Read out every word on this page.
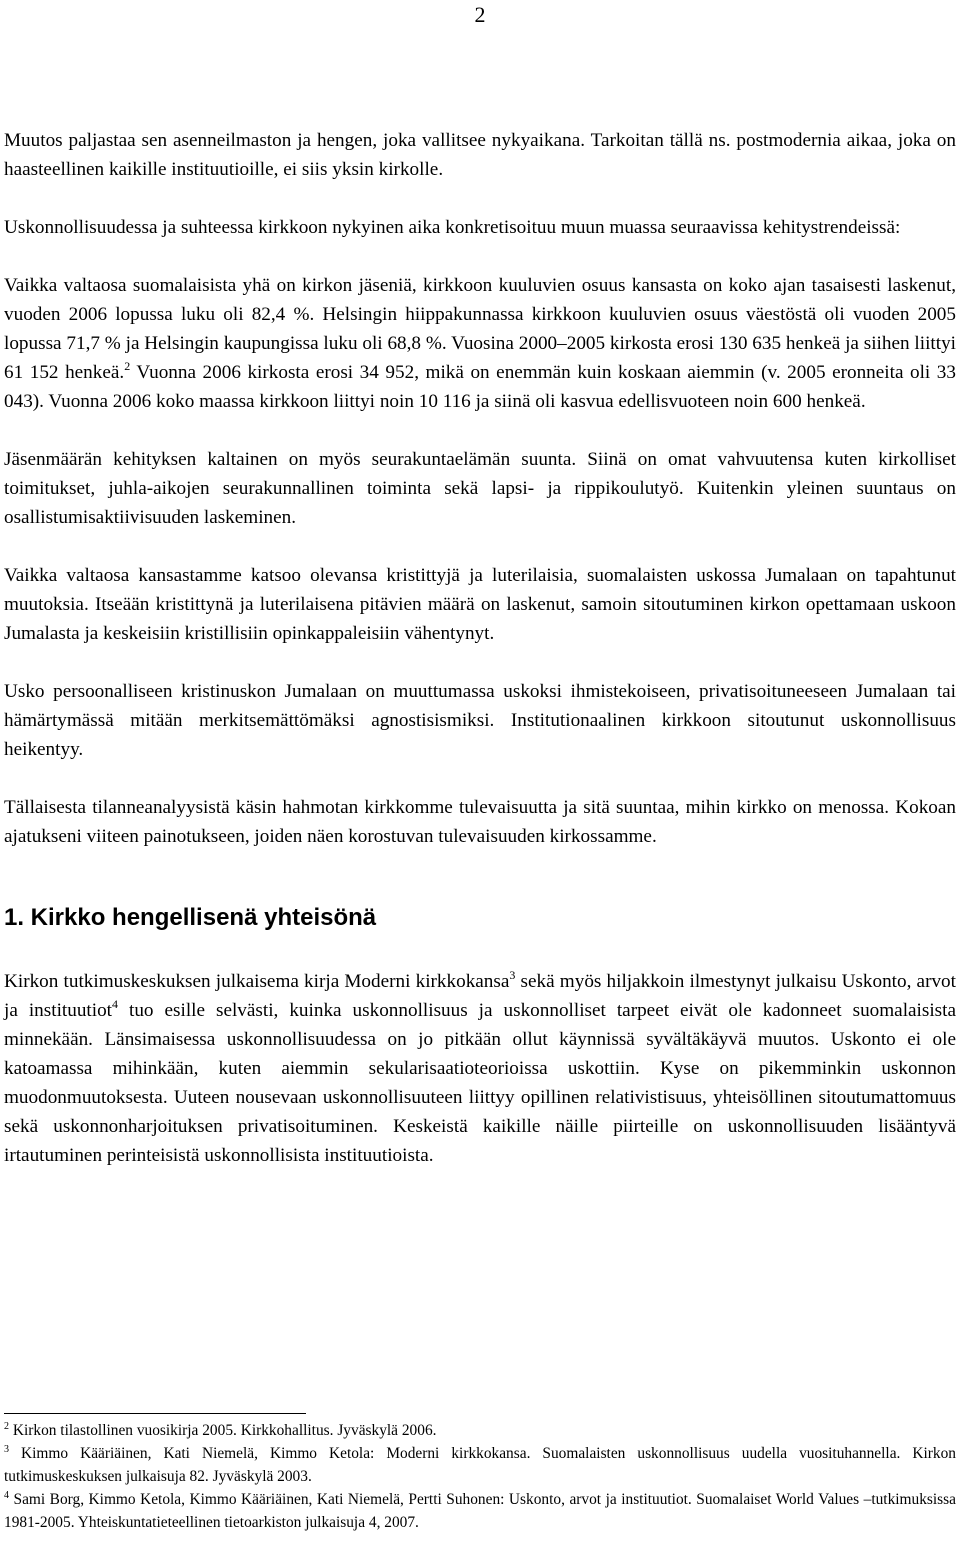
2

Muutos paljastaa sen asenneilmaston ja hengen, joka vallitsee nykyaikana. Tarkoitan tällä ns. postmodernia aikaa, joka on haasteellinen kaikille instituutioille, ei siis yksin kirkolle.

Uskonnollisuudessa ja suhteessa kirkkoon nykyinen aika konkretisoituu muun muassa seuraavissa kehitystrendeissä:

Vaikka valtaosa suomalaisista yhä on kirkon jäseniä, kirkkoon kuuluvien osuus kansasta on koko ajan tasaisesti laskenut, vuoden 2006 lopussa luku oli 82,4 %. Helsingin hiippakunnassa kirkkoon kuuluvien osuus väestöstä oli vuoden 2005 lopussa 71,7 % ja Helsingin kaupungissa luku oli 68,8 %. Vuosina 2000–2005 kirkosta erosi 130 635 henkeä ja siihen liittyi 61 152 henkeä.$^2$ Vuonna 2006 kirkosta erosi 34 952, mikä on enemmän kuin koskaan aiemmin (v. 2005 eronneita oli 33 043). Vuonna 2006 koko maassa kirkkoon liittyi noin 10 116 ja siinä oli kasvua edellisvuoteen noin 600 henkeä.

Jäsenmäärän kehityksen kaltainen on myös seurakuntaelämän suunta. Siinä on omat vahvuutensa kuten kirkolliset toimitukset, juhla-aikojen seurakunnallinen toiminta sekä lapsi- ja rippikoulutyö. Kuitenkin yleinen suuntaus on osallistumisaktiivisuuden laskeminen.

Vaikka valtaosa kansastamme katsoo olevansa kristittyjä ja luterilaisia, suomalaisten uskossa Jumalaan on tapahtunut muutoksia. Itseään kristittynä ja luterilaisena pitävien määrä on laskenut, samoin sitoutuminen kirkon opettamaan uskoon Jumalasta ja keskeisiin kristillisiin opinkappaleisiin vähentynyt.

Usko persoonalliseen kristinuskon Jumalaan on muuttumassa uskoksi ihmistekoiseen, privatisoituneeseen Jumalaan tai hämärtymässä mitään merkitsemättömäksi agnostisismiksi. Institutionaalinen kirkkoon sitoutunut uskonnollisuus heikentyy.

Tällaisesta tilanneanalyysistä käsin hahmotan kirkkomme tulevaisuutta ja sitä suuntaa, mihin kirkko on menossa. Kokoan ajatukseni viiteen painotukseen, joiden näen korostuvan tulevaisuuden kirkossamme.

1. Kirkko hengellisenä yhteisönä

Kirkon tutkimuskeskuksen julkaisema kirja Moderni kirkkokansa$^3$ sekä myös hiljakkoin ilmestynyt julkaisu Uskonto, arvot ja instituutiot$^4$ tuo esille selvästi, kuinka uskonnollisuus ja uskonnolliset tarpeet eivät ole kadonneet suomalaisista minnekään. Länsimaisessa uskonnollisuudessa on jo pitkään ollut käynnissä syvältäkäyvä muutos. Uskonto ei ole katoamassa mihinkään, kuten aiemmin sekularisaatioteorioissa uskottiin. Kyse on pikemminkin uskonnon muodonmuutoksesta. Uuteen nousevaan uskonnollisuuteen liittyy opillinen relativistisuus, yhteisöllinen sitoutumattomuus sekä uskonnonharjoituksen privatisoituminen. Keskeistä kaikille näille piirteille on uskonnollisuuden lisääntyvä irtautuminen perinteisistä uskonnollisista instituutioista.

$^2$ Kirkon tilastollinen vuosikirja 2005. Kirkkohallitus. Jyväskylä 2006.

$^3$ Kimmo Kääriäinen, Kati Niemelä, Kimmo Ketola: Moderni kirkkokansa. Suomalaisten uskonnollisuus uudella vuosituhannella. Kirkon tutkimuskeskuksen julkaisuja 82. Jyväskylä 2003.

$^4$ Sami Borg, Kimmo Ketola, Kimmo Kääriäinen, Kati Niemelä, Pertti Suhonen: Uskonto, arvot ja instituutiot. Suomalaiset World Values –tutkimuksissa 1981-2005. Yhteiskuntatieteellinen tietoarkiston julkaisuja 4, 2007.
